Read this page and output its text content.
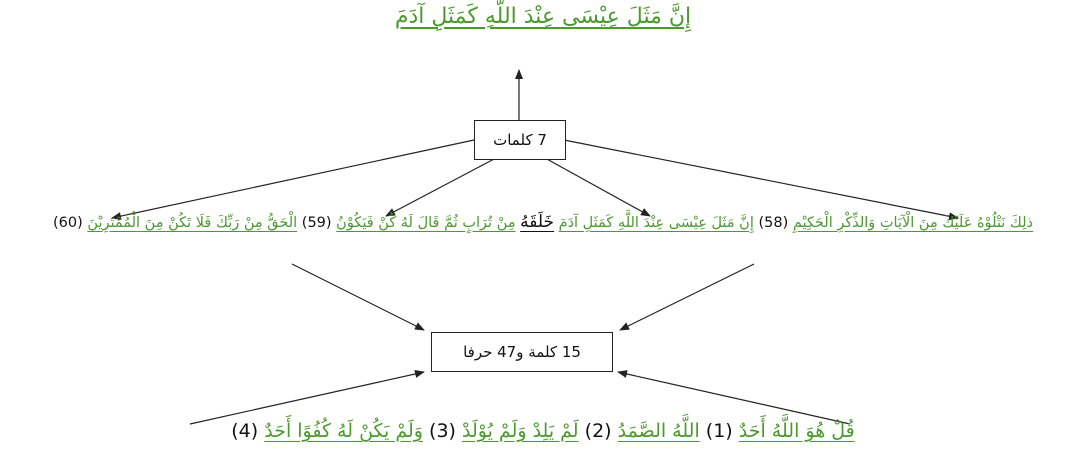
إِنَّ مَثَلَ عِيْسَى عِنْدَ اللَّهِ كَمَثَلِ آدَمَ
7 كلمات
ذلِكَ نَتْلُوْهُ عَلَيْكَ مِنَ الْآيَاتِ وَالذِّكْرِ الْحَكِيْمِ (58) إِنَّ مَثَلَ عِيْسَى عِنْدَ اللَّهِ كَمَثَلِ آدَمَ خَلَقَهُ مِنْ تُرَابٍ ثُمَّ قَالَ لَهُ كُنْ فَيَكُوْنُ (59) الْحَقُّ مِنْ رَبِّكَ فَلَا تَكُنْ مِنَ الْمُمْتَرِيْنَ (60)
15 كلمة و47 حرفا
قُلْ هُوَ اللَّهُ أَحَدٌ (1) اللَّهُ الصَّمَدُ (2) لَمْ يَلِدْ وَلَمْ يُوْلَدْ (3) وَلَمْ يَكُنْ لَهُ كُفُوًا أَحَدٌ (4)
